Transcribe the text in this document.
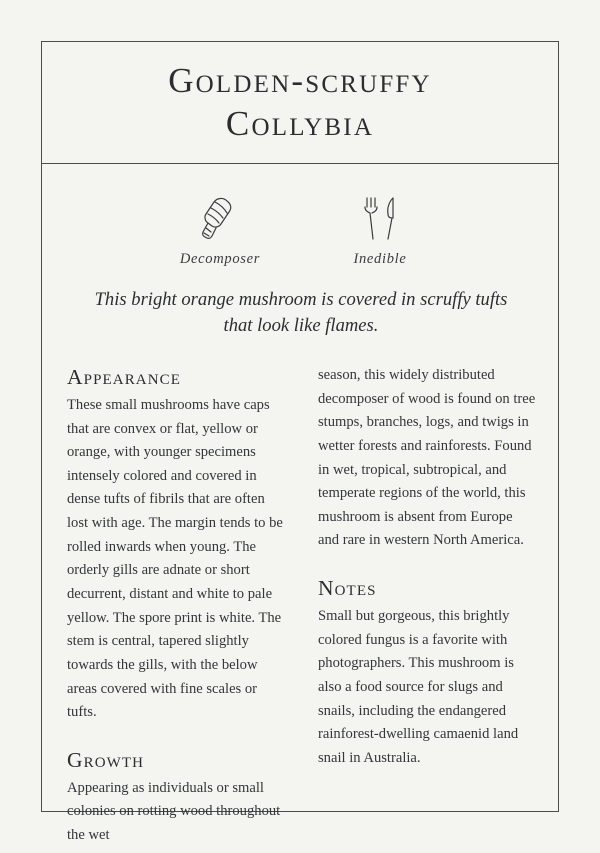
Golden-scruffy
Collybia
Decomposer	Inedible
This bright orange mushroom is covered in scruffy tufts that look like flames.
Appearance

These small mushrooms have caps that are convex or flat, yellow or orange, with younger specimens intensely colored and covered in dense tufts of fibrils that are often lost with age. The margin tends to be rolled inwards when young. The orderly gills are adnate or short decurrent, distant and white to pale yellow. The spore print is white. The stem is central, tapered slightly towards the gills, with the below areas covered with fine scales or tufts.

Growth

Appearing as individuals or small colonies on rotting wood throughout the wet

season, this widely distributed decomposer of wood is found on tree stumps, branches, logs, and twigs in wetter forests and rainforests. Found in wet, tropical, subtropical, and temperate regions of the world, this mushroom is absent from Europe and rare in western North America.

Notes

Small but gorgeous, this brightly colored fungus is a favorite with photographers. This mushroom is also a food source for slugs and snails, including the endangered rainforest-dwelling camaenid land snail in Australia.
